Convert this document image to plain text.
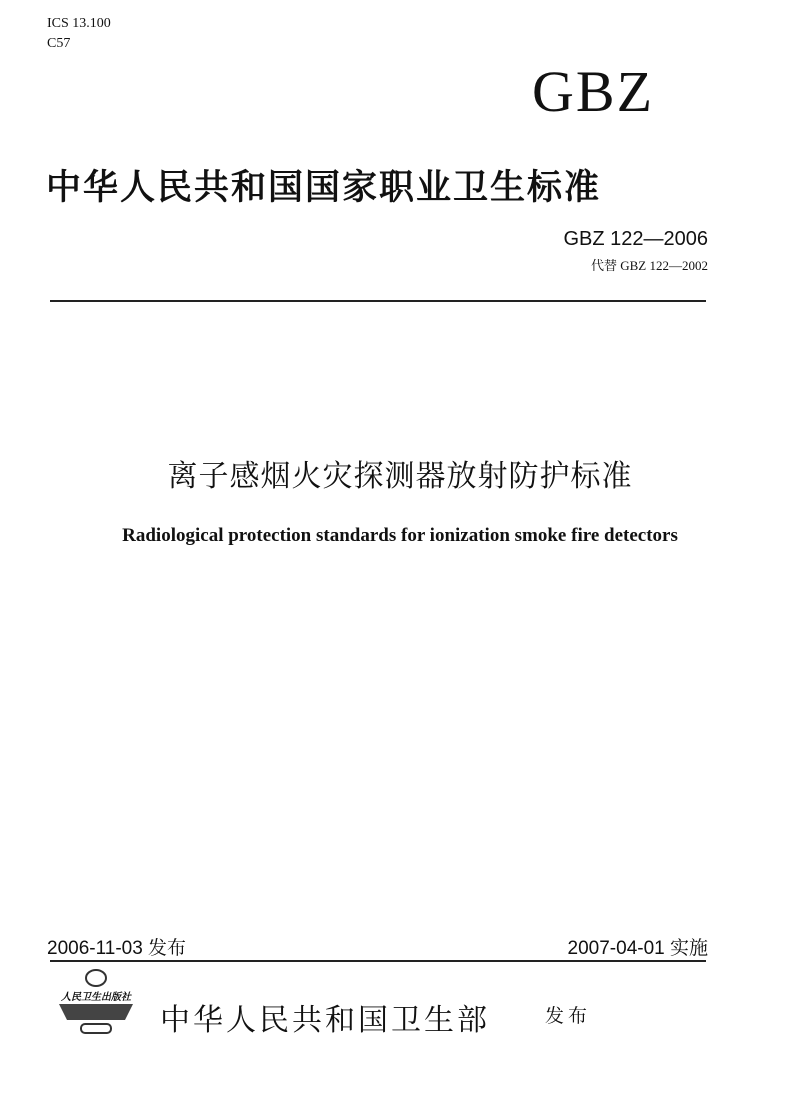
ICS 13.100
C57
GBZ
中华人民共和国国家职业卫生标准
GBZ 122—2006
代替 GBZ 122—2002
离子感烟火灾探测器放射防护标准
Radiological protection standards for ionization smoke fire detectors
2006-11-03 发布	2007-04-01 实施
人民卫生出版社
中华人民共和国卫生部	发布
